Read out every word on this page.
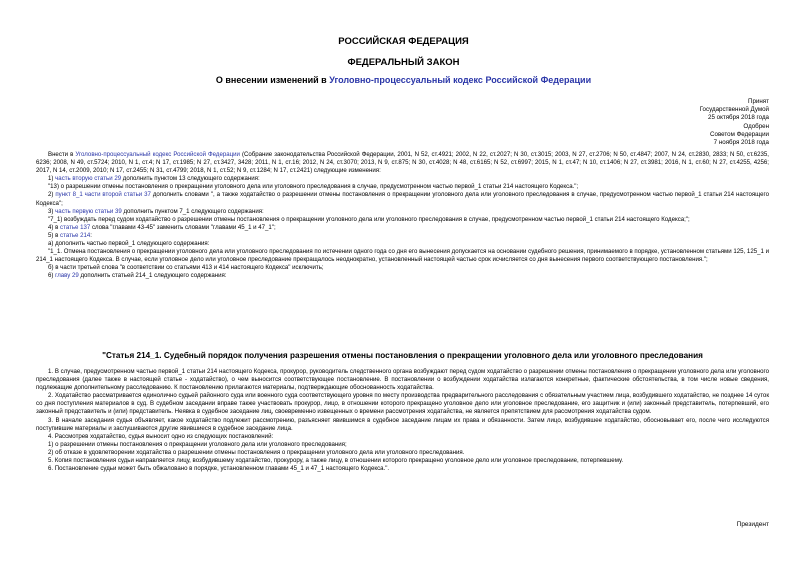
РОССИЙСКАЯ ФЕДЕРАЦИЯ
ФЕДЕРАЛЬНЫЙ ЗАКОН
О внесении изменений в Уголовно-процессуальный кодекс Российской Федерации
Принят
Государственной Думой
25 октября 2018 года
Одобрен
Советом Федерации
7 ноября 2018 года

Внести в Уголовно-процессуальный кодекс Российской Федерации (Собрание законодательства Российской Федерации, 2001, N 52, ст.4921; 2002, N 22, ст.2027; N 30, ст.3015; 2003, N 27, ст.2706; N 50, ст.4847; 2007, N 24, ст.2830, 2833; N 50, ст.6235, 6236; 2008, N 49, ст.5724; 2010, N 1, ст.4; N 17, ст.1985; N 27, ст.3427, 3428; 2011, N 1, ст.16; 2012, N 24, ст.3070; 2013, N 9, ст.875; N 30, ст.4028; N 48, ст.6165; N 52, ст.6997; 2015, N 1, ст.47; N 10, ст.1406; N 27, ст.3981; 2016, N 1, ст.60; N 27, ст.4255, 4256; 2017, N 14, ст.2009, 2010; N 17, ст.2455; N 31, ст.4799; 2018, N 1, ст.52; N 9, ст.1284; N 17, ст.2421) следующие изменения:

1) часть вторую статьи 29 дополнить пунктом 13 следующего содержания:

"13) о разрешении отмены постановления о прекращении уголовного дела или уголовного преследования в случае, предусмотренном частью первой_1 статьи 214 настоящего Кодекса.";

2) пункт 8_1 части второй статьи 37 дополнить словами ", а также ходатайство о разрешении отмены постановления о прекращении уголовного дела или уголовного преследования в случае, предусмотренном частью первой_1 статьи 214 настоящего Кодекса";

3) часть первую статьи 39 дополнить пунктом 7_1 следующего содержания:

"7_1) возбуждать перед судом ходатайство о разрешении отмены постановления о прекращении уголовного дела или уголовного преследования в случае, предусмотренном частью первой_1 статьи 214 настоящего Кодекса;";

4) в статье 137 слова "главами 43-45" заменить словами "главами 45_1 и 47_1";

5) в статье 214:

а) дополнить частью первой_1 следующего содержания:

"1_1. Отмена постановления о прекращении уголовного дела или уголовного преследования по истечении одного года со дня его вынесения допускается на основании судебного решения, принимаемого в порядке, установленном статьями 125, 125_1 и 214_1 настоящего Кодекса. В случае, если уголовное дело или уголовное преследование прекращалось неоднократно, установленный настоящей частью срок исчисляется со дня вынесения первого соответствующего постановления.";

б) в части третьей слова "в соответствии со статьями 413 и 414 настоящего Кодекса" исключить;

6) главу 29 дополнить статьей 214_1 следующего содержания:

"Статья 214_1. Судебный порядок получения разрешения отмены постановления о прекращении уголовного дела или уголовного преследования

1. В случае, предусмотренном частью первой_1 статьи 214 настоящего Кодекса, прокурор, руководитель следственного органа возбуждают перед судом ходатайство о разрешении отмены постановления о прекращении уголовного дела или уголовного преследования (далее также в настоящей статье - ходатайство), о чем выносится соответствующее постановление. В постановлении о возбуждении ходатайства излагаются конкретные, фактические обстоятельства, в том числе новые сведения, подлежащие дополнительному расследованию. К постановлению прилагаются материалы, подтверждающие обоснованность ходатайства.

2. Ходатайство рассматривается единолично судьей районного суда или военного суда соответствующего уровня по месту производства предварительного расследования с обязательным участием лица, возбудившего ходатайство, не позднее 14 суток со дня поступления материалов в суд. В судебном заседании вправе также участвовать прокурор, лицо, в отношении которого прекращено уголовное дело или уголовное преследование, его защитник и (или) законный представитель, потерпевший, его законный представитель и (или) представитель. Неявка в судебное заседание лиц, своевременно извещенных о времени рассмотрения ходатайства, не является препятствием для рассмотрения ходатайства судом.

3. В начале заседания судья объявляет, какое ходатайство подлежит рассмотрению, разъясняет явившимся в судебное заседание лицам их права и обязанности. Затем лицо, возбудившее ходатайство, обосновывает его, после чего исследуются поступившие материалы и заслушиваются другие явившиеся в судебное заседание лица.

4. Рассмотрев ходатайство, судья выносит одно из следующих постановлений:

1) о разрешении отмены постановления о прекращении уголовного дела или уголовного преследования;

2) об отказе в удовлетворении ходатайства о разрешении отмены постановления о прекращении уголовного дела или уголовного преследования.

5. Копия постановления судьи направляется лицу, возбудившему ходатайство, прокурору, а также лицу, в отношении которого прекращено уголовное дело или уголовное преследование, потерпевшему.

6. Постановление судьи может быть обжаловано в порядке, установленном главами 45_1 и 47_1 настоящего Кодекса.".

Президент
